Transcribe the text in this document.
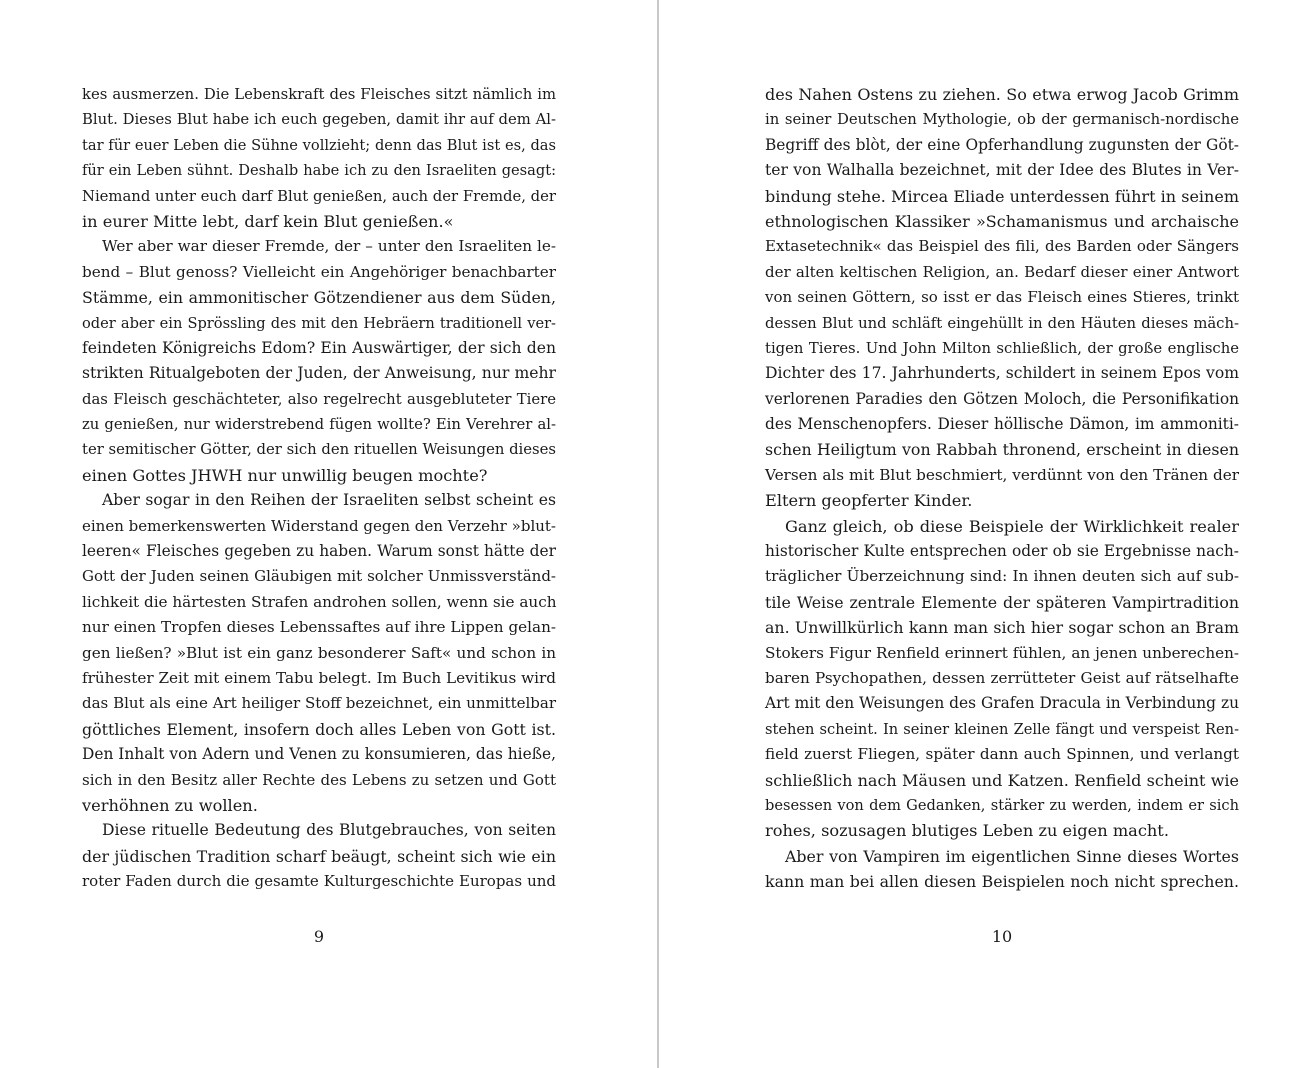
kes ausmerzen. Die Lebenskraft des Fleisches sitzt nämlich im
Blut. Dieses Blut habe ich euch gegeben, damit ihr auf dem Al-
tar für euer Leben die Sühne vollzieht; denn das Blut ist es, das
für ein Leben sühnt. Deshalb habe ich zu den Israeliten gesagt:
Niemand unter euch darf Blut genießen, auch der Fremde, der
in eurer Mitte lebt, darf kein Blut genießen.«
Wer aber war dieser Fremde, der – unter den Israeliten le-
bend – Blut genoss? Vielleicht ein Angehöriger benachbarter
Stämme, ein ammonitischer Götzendiener aus dem Süden,
oder aber ein Sprössling des mit den Hebräern traditionell ver-
feindeten Königreichs Edom? Ein Auswärtiger, der sich den
strikten Ritualgeboten der Juden, der Anweisung, nur mehr
das Fleisch geschächteter, also regelrecht ausgebluteter Tiere
zu genießen, nur widerstrebend fügen wollte? Ein Verehrer al-
ter semitischer Götter, der sich den rituellen Weisungen dieses
einen Gottes JHWH nur unwillig beugen mochte?
Aber sogar in den Reihen der Israeliten selbst scheint es
einen bemerkenswerten Widerstand gegen den Verzehr »blut-
leeren« Fleisches gegeben zu haben. Warum sonst hätte der
Gott der Juden seinen Gläubigen mit solcher Unmissverständ-
lichkeit die härtesten Strafen androhen sollen, wenn sie auch
nur einen Tropfen dieses Lebenssaftes auf ihre Lippen gelan-
gen ließen? »Blut ist ein ganz besonderer Saft« und schon in
frühester Zeit mit einem Tabu belegt. Im Buch Levitikus wird
das Blut als eine Art heiliger Stoff bezeichnet, ein unmittelbar
göttliches Element, insofern doch alles Leben von Gott ist.
Den Inhalt von Adern und Venen zu konsumieren, das hieße,
sich in den Besitz aller Rechte des Lebens zu setzen und Gott
verhöhnen zu wollen.
Diese rituelle Bedeutung des Blutgebrauches, von seiten
der jüdischen Tradition scharf beäugt, scheint sich wie ein
roter Faden durch die gesamte Kulturgeschichte Europas und
9
des Nahen Ostens zu ziehen. So etwa erwog Jacob Grimm
in seiner Deutschen Mythologie, ob der germanisch-nordische
Begriff des blòt, der eine Opferhandlung zugunsten der Göt-
ter von Walhalla bezeichnet, mit der Idee des Blutes in Ver-
bindung stehe. Mircea Eliade unterdessen führt in seinem
ethnologischen Klassiker »Schamanismus und archaische
Extasetechnik« das Beispiel des fili, des Barden oder Sängers
der alten keltischen Religion, an. Bedarf dieser einer Antwort
von seinen Göttern, so isst er das Fleisch eines Stieres, trinkt
dessen Blut und schläft eingehüllt in den Häuten dieses mäch-
tigen Tieres. Und John Milton schließlich, der große englische
Dichter des 17. Jahrhunderts, schildert in seinem Epos vom
verlorenen Paradies den Götzen Moloch, die Personifikation
des Menschenopfers. Dieser höllische Dämon, im ammoniti-
schen Heiligtum von Rabbah thronend, erscheint in diesen
Versen als mit Blut beschmiert, verdünnt von den Tränen der
Eltern geopferter Kinder.
Ganz gleich, ob diese Beispiele der Wirklichkeit realer
historischer Kulte entsprechen oder ob sie Ergebnisse nach-
träglicher Überzeichnung sind: In ihnen deuten sich auf sub-
tile Weise zentrale Elemente der späteren Vampirtradition
an. Unwillkürlich kann man sich hier sogar schon an Bram
Stokers Figur Renfield erinnert fühlen, an jenen unberechen-
baren Psychopathen, dessen zerrütteter Geist auf rätselhafte
Art mit den Weisungen des Grafen Dracula in Verbindung zu
stehen scheint. In seiner kleinen Zelle fängt und verspeist Ren-
field zuerst Fliegen, später dann auch Spinnen, und verlangt
schließlich nach Mäusen und Katzen. Renfield scheint wie
besessen von dem Gedanken, stärker zu werden, indem er sich
rohes, sozusagen blutiges Leben zu eigen macht.
Aber von Vampiren im eigentlichen Sinne dieses Wortes
kann man bei allen diesen Beispielen noch nicht sprechen.
10
